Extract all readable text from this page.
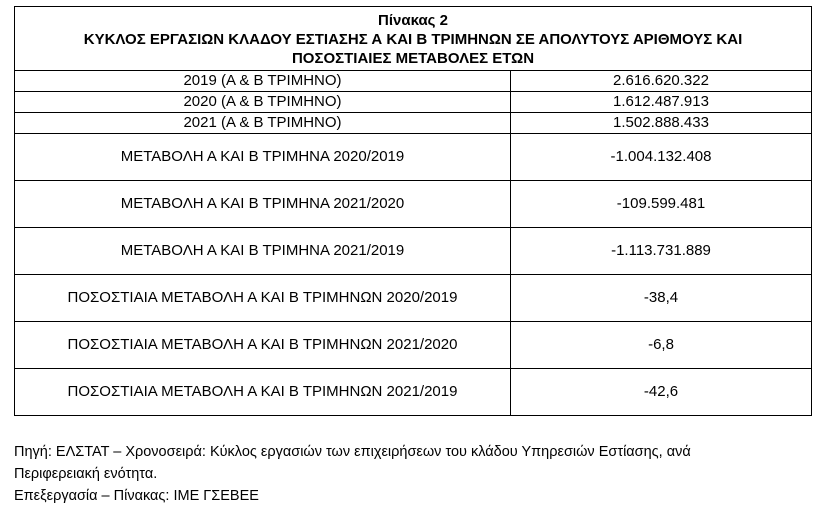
Πίνακας 2
ΚΥΚΛΟΣ ΕΡΓΑΣΙΩΝ ΚΛΑΔΟΥ ΕΣΤΙΑΣΗΣ Α ΚΑΙ Β ΤΡΙΜΗΝΩΝ ΣΕ ΑΠΟΛΥΤΟΥΣ ΑΡΙΘΜΟΥΣ ΚΑΙ
ΠΟΣΟΣΤΙΑΙΕΣ ΜΕΤΑΒΟΛΕΣ ΕΤΩΝ	

2019 (Α & Β ΤΡΙΜΗΝΟ)	2.616.620.322
2020 (Α & Β ΤΡΙΜΗΝΟ)	1.612.487.913
2021 (Α & Β ΤΡΙΜΗΝΟ)	1.502.888.433
ΜΕΤΑΒΟΛΗ Α ΚΑΙ Β ΤΡΙΜΗΝΑ 2020/2019	-1.004.132.408
ΜΕΤΑΒΟΛΗ Α ΚΑΙ Β ΤΡΙΜΗΝΑ 2021/2020	-109.599.481
ΜΕΤΑΒΟΛΗ Α ΚΑΙ Β ΤΡΙΜΗΝΑ 2021/2019	-1.113.731.889
ΠΟΣΟΣΤΙΑΙΑ ΜΕΤΑΒΟΛΗ Α ΚΑΙ Β ΤΡΙΜΗΝΩΝ 2020/2019	-38,4
ΠΟΣΟΣΤΙΑΙΑ ΜΕΤΑΒΟΛΗ Α ΚΑΙ Β ΤΡΙΜΗΝΩΝ 2021/2020	-6,8
ΠΟΣΟΣΤΙΑΙΑ ΜΕΤΑΒΟΛΗ Α ΚΑΙ Β ΤΡΙΜΗΝΩΝ 2021/2019	-42,6

Πηγή: ΕΛΣΤΑΤ – Χρονοσειρά: Κύκλος εργασιών των επιχειρήσεων του κλάδου Υπηρεσιών Εστίασης, ανά

Περιφερειακή ενότητα.

Επεξεργασία – Πίνακας: ΙΜΕ ΓΣΕΒΕΕ
